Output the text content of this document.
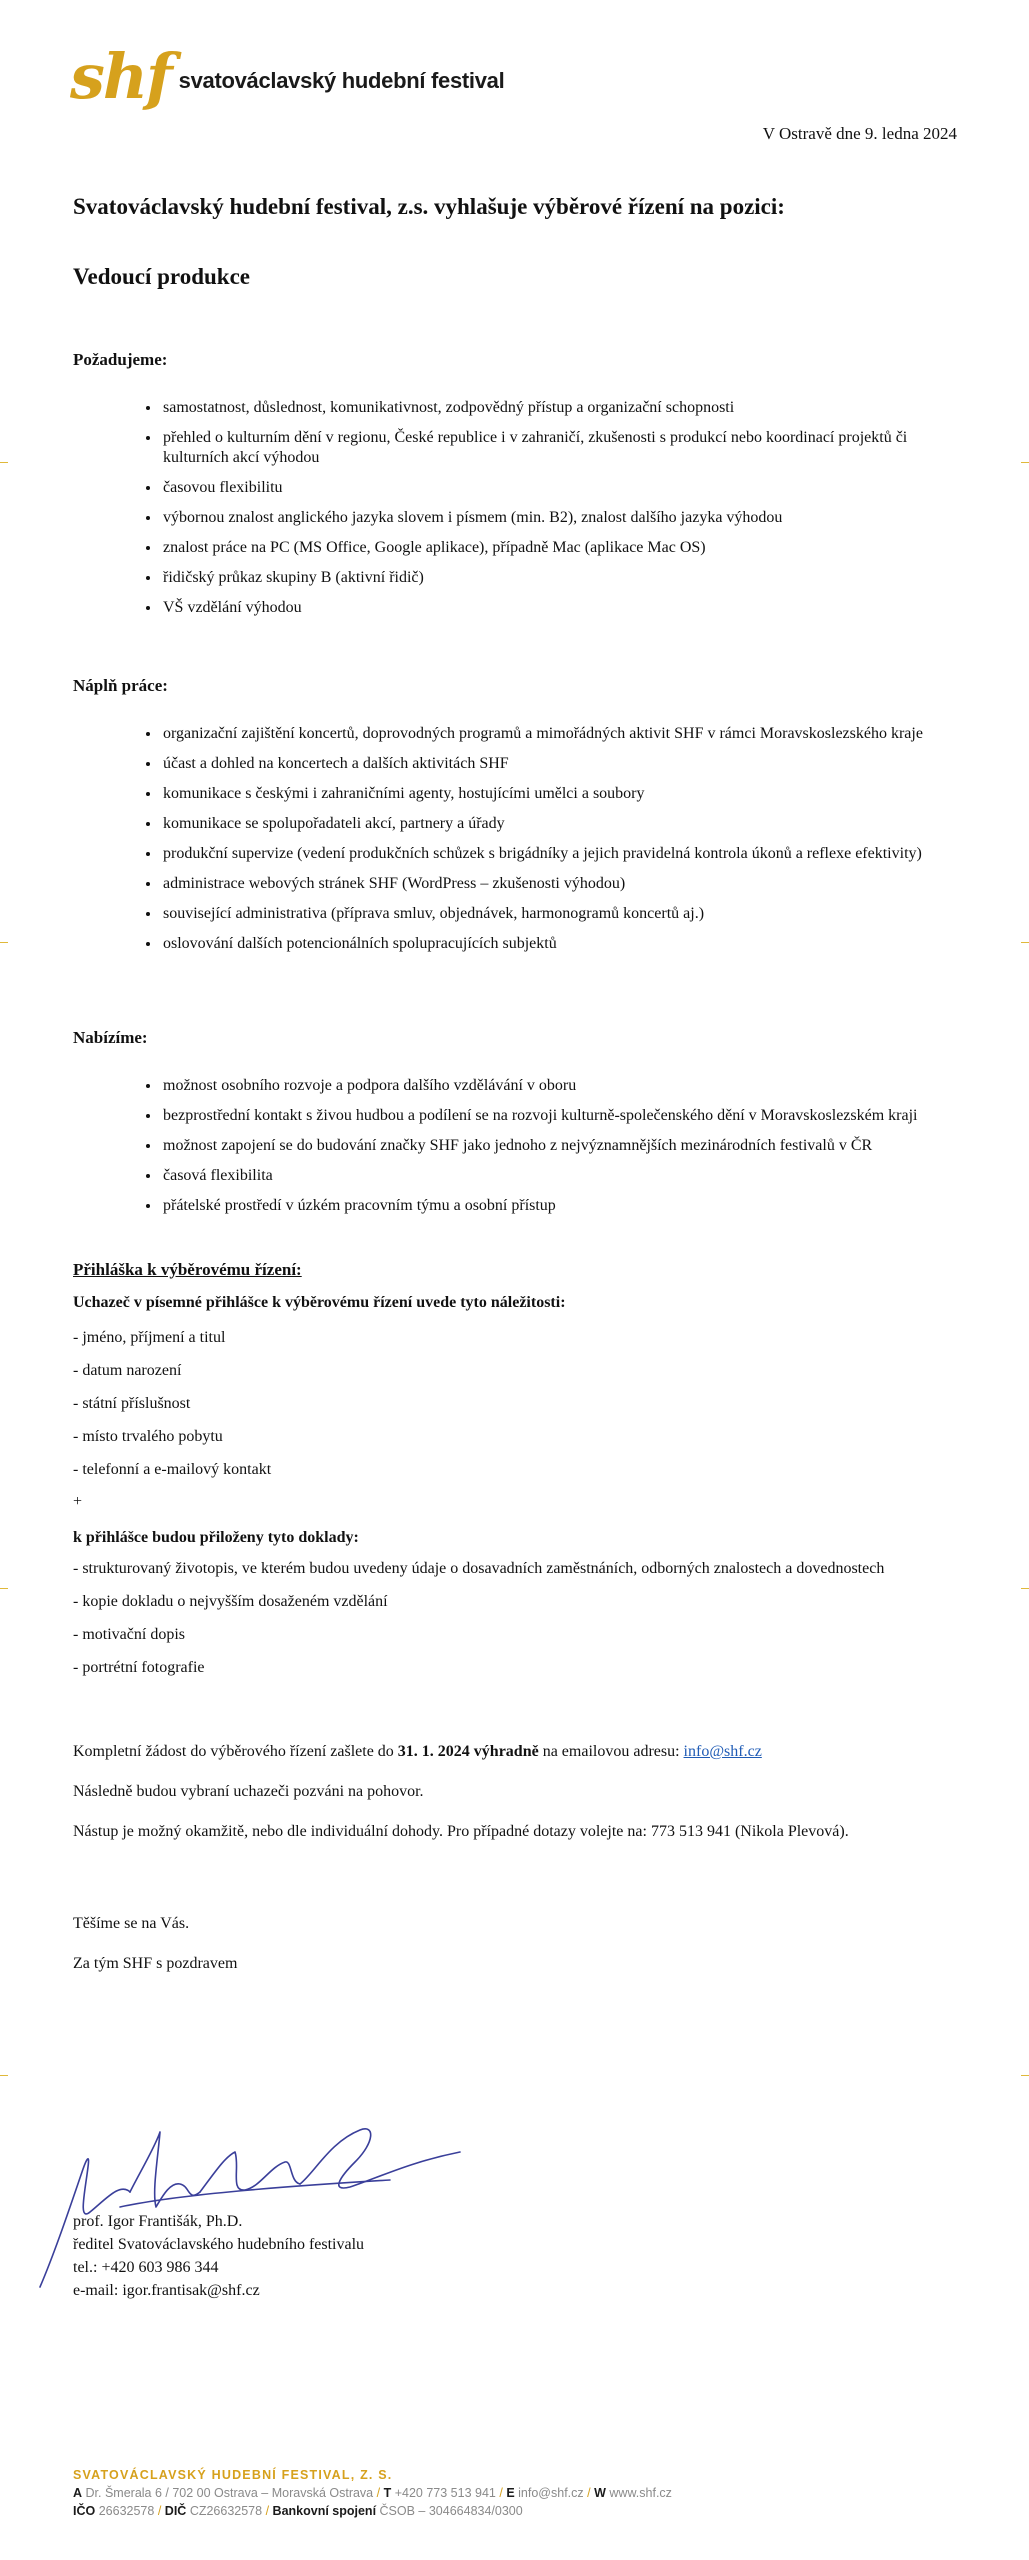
shf svatováclavský hudební festival
V Ostravě dne 9. ledna 2024
Svatováclavský hudební festival, z.s. vyhlašuje výběrové řízení na pozici:
Vedoucí produkce
Požadujeme:
• samostatnost, důslednost, komunikativnost, zodpovědný přístup a organizační schopnosti
• přehled o kulturním dění v regionu, České republice i v zahraničí, zkušenosti s produkcí nebo koordinací projektů či kulturních akcí výhodou
• časovou flexibilitu
• výbornou znalost anglického jazyka slovem i písmem (min. B2), znalost dalšího jazyka výhodou
• znalost práce na PC (MS Office, Google aplikace), případně Mac (aplikace Mac OS)
• řidičský průkaz skupiny B (aktivní řidič)
• VŠ vzdělání výhodou
Náplň práce:
• organizační zajištění koncertů, doprovodných programů a mimořádných aktivit SHF v rámci Moravskoslezského kraje
• účast a dohled na koncertech a dalších aktivitách SHF
• komunikace s českými i zahraničními agenty, hostujícími umělci a soubory
• komunikace se spolupořadateli akcí, partnery a úřady
• produkční supervize (vedení produkčních schůzek s brigádníky a jejich pravidelná kontrola úkonů a reflexe efektivity)
• administrace webových stránek SHF (WordPress – zkušenosti výhodou)
• související administrativa (příprava smluv, objednávek, harmonogramů koncertů aj.)
• oslovování dalších potencionálních spolupracujících subjektů
Nabízíme:
• možnost osobního rozvoje a podpora dalšího vzdělávání v oboru
• bezprostřední kontakt s živou hudbou a podílení se na rozvoji kulturně-společenského dění v Moravskoslezském kraji
• možnost zapojení se do budování značky SHF jako jednoho z nejvýznamnějších mezinárodních festivalů v ČR
• časová flexibilita
• přátelské prostředí v úzkém pracovním týmu a osobní přístup
Přihláška k výběrovému řízení:
Uchazeč v písemné přihlášce k výběrovému řízení uvede tyto náležitosti:
- jméno, příjmení a titul
- datum narození
- státní příslušnost
- místo trvalého pobytu
- telefonní a e-mailový kontakt
+
k přihlášce budou přiloženy tyto doklady:
- strukturovaný životopis, ve kterém budou uvedeny údaje o dosavadních zaměstnáních, odborných znalostech a dovednostech
- kopie dokladu o nejvyšším dosaženém vzdělání
- motivační dopis
- portrétní fotografie
Kompletní žádost do výběrového řízení zašlete do 31. 1. 2024 výhradně na emailovou adresu: info@shf.cz
Následně budou vybraní uchazeči pozváni na pohovor.
Nástup je možný okamžitě, nebo dle individuální dohody. Pro případné dotazy volejte na: 773 513 941 (Nikola Plevová).
Těšíme se na Vás.
Za tým SHF s pozdravem
prof. Igor Františák, Ph.D.
ředitel Svatováclavského hudebního festivalu
tel.: +420 603 986 344
e-mail: igor.frantisak@shf.cz
SVATOVÁCLAVSKÝ HUDEBNÍ FESTIVAL, Z. S.
A Dr. Šmerala 6 / 702 00 Ostrava – Moravská Ostrava / T +420 773 513 941 / E info@shf.cz / W www.shf.cz
IČO 26632578 / DIČ CZ26632578 / Bankovní spojení ČSOB – 304664834/0300
